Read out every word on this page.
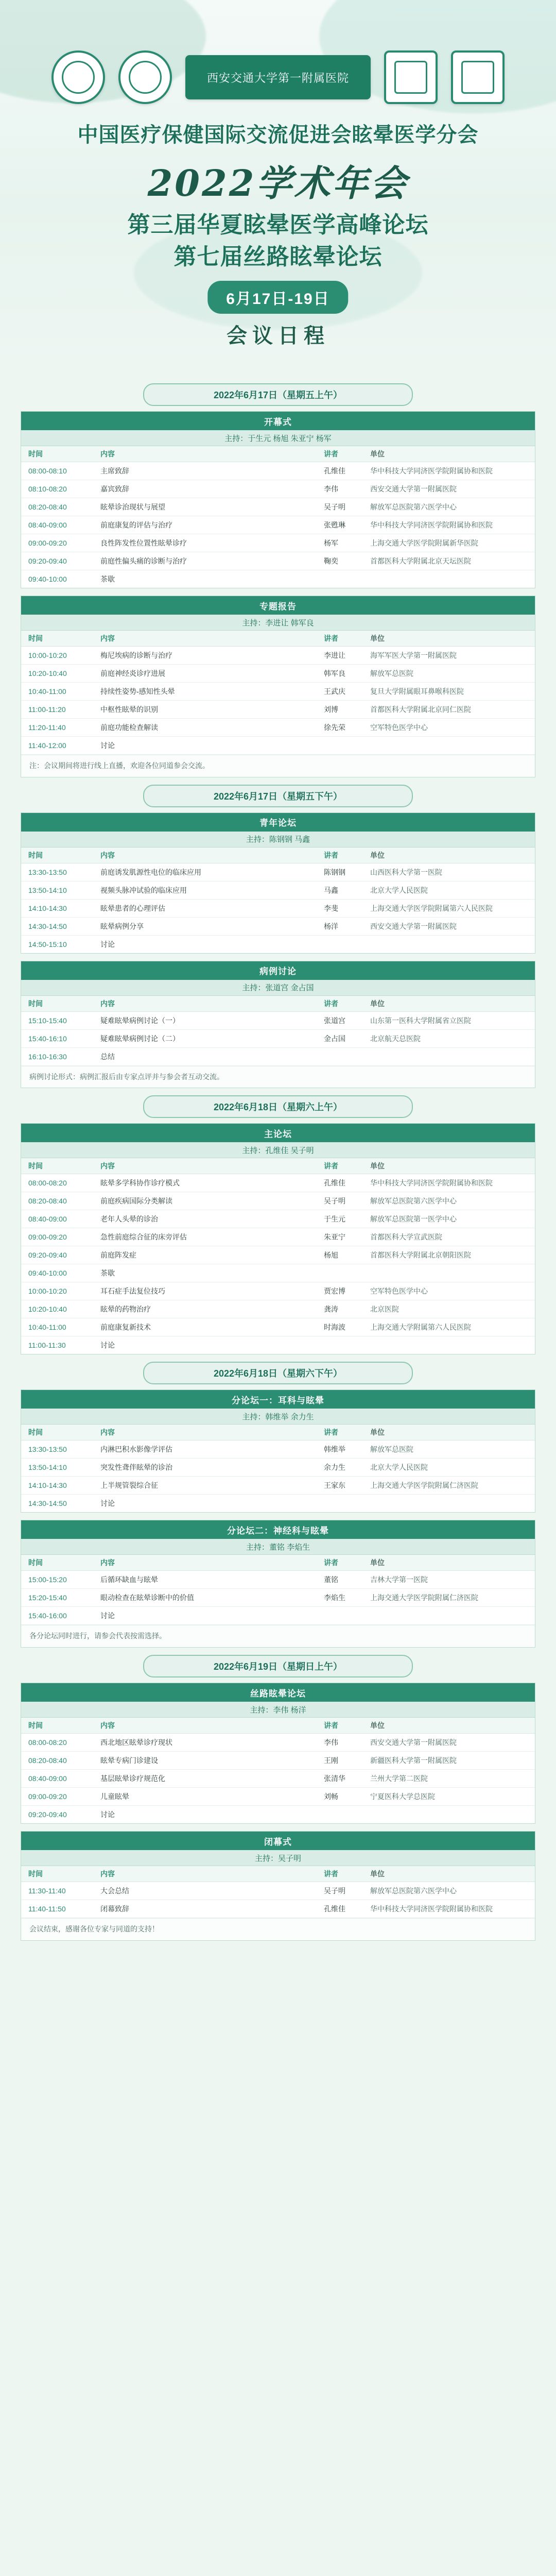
西安交通大学第一附属医院
中国医疗保健国际交流促进会眩晕医学分会
2022学术年会
第三届华夏眩晕医学高峰论坛
第七届丝路眩晕论坛
6月17日-19日
会议日程
2022年6月17日（星期五上午）
开幕式
主持：于生元 杨旭 朱亚宁 杨军
时间	内容	讲者	单位
08:00-08:10	主席致辞	孔维佳	华中科技大学同济医学院附属协和医院
08:10-08:20	嘉宾致辞	李伟	西安交通大学第一附属医院
08:20-08:40	眩晕诊治现状与展望	吴子明	解放军总医院第六医学中心
08:40-09:00	前庭康复的评估与治疗	张甦琳	华中科技大学同济医学院附属协和医院
09:00-09:20	良性阵发性位置性眩晕诊疗	杨军	上海交通大学医学院附属新华医院
09:20-09:40	前庭性偏头痛的诊断与治疗	鞠奕	首都医科大学附属北京天坛医院
09:40-10:00	茶歇
专题报告
主持：李进让 韩军良
时间	内容	讲者	单位
10:00-10:20	梅尼埃病的诊断与治疗	李进让	海军军医大学第一附属医院
10:20-10:40	前庭神经炎诊疗进展	韩军良	解放军总医院
10:40-11:00	持续性姿势-感知性头晕	王武庆	复旦大学附属眼耳鼻喉科医院
11:00-11:20	中枢性眩晕的识别	刘博	首都医科大学附属北京同仁医院
11:20-11:40	前庭功能检查解读	徐先荣	空军特色医学中心
11:40-12:00	讨论
注：会议期间将进行线上直播，欢迎各位同道参会交流。
2022年6月17日（星期五下午）
青年论坛
主持：陈钢钢 马鑫
时间	内容	讲者	单位
13:30-13:50	前庭诱发肌源性电位的临床应用	陈钢钢	山西医科大学第一医院
13:50-14:10	视频头脉冲试验的临床应用	马鑫	北京大学人民医院
14:10-14:30	眩晕患者的心理评估	李斐	上海交通大学医学院附属第六人民医院
14:30-14:50	眩晕病例分享	杨洋	西安交通大学第一附属医院
14:50-15:10	讨论
病例讨论
主持：张道宫 金占国
时间	内容	讲者	单位
15:10-15:40	疑难眩晕病例讨论（一）	张道宫	山东第一医科大学附属省立医院
15:40-16:10	疑难眩晕病例讨论（二）	金占国	北京航天总医院
16:10-16:30	总结
病例讨论形式：病例汇报后由专家点评并与参会者互动交流。
2022年6月18日（星期六上午）
主论坛
主持：孔维佳 吴子明
时间	内容	讲者	单位
08:00-08:20	眩晕多学科协作诊疗模式	孔维佳	华中科技大学同济医学院附属协和医院
08:20-08:40	前庭疾病国际分类解读	吴子明	解放军总医院第六医学中心
08:40-09:00	老年人头晕的诊治	于生元	解放军总医院第一医学中心
09:00-09:20	急性前庭综合征的床旁评估	朱亚宁	首都医科大学宣武医院
09:20-09:40	前庭阵发症	杨旭	首都医科大学附属北京朝阳医院
09:40-10:00	茶歇
10:00-10:20	耳石症手法复位技巧	贾宏博	空军特色医学中心
10:20-10:40	眩晕的药物治疗	龚涛	北京医院
10:40-11:00	前庭康复新技术	时海波	上海交通大学附属第六人民医院
11:00-11:30	讨论
2022年6月18日（星期六下午）
分论坛一：耳科与眩晕
主持：韩维举 余力生
时间	内容	讲者	单位
13:30-13:50	内淋巴积水影像学评估	韩维举	解放军总医院
13:50-14:10	突发性聋伴眩晕的诊治	余力生	北京大学人民医院
14:10-14:30	上半规管裂综合征	王家东	上海交通大学医学院附属仁济医院
14:30-14:50	讨论
分论坛二：神经科与眩晕
主持：董铭 李焰生
时间	内容	讲者	单位
15:00-15:20	后循环缺血与眩晕	董铭	吉林大学第一医院
15:20-15:40	眼动检查在眩晕诊断中的价值	李焰生	上海交通大学医学院附属仁济医院
15:40-16:00	讨论
各分论坛同时进行，请参会代表按需选择。
2022年6月19日（星期日上午）
丝路眩晕论坛
主持：李伟 杨洋
时间	内容	讲者	单位
08:00-08:20	西北地区眩晕诊疗现状	李伟	西安交通大学第一附属医院
08:20-08:40	眩晕专病门诊建设	王刚	新疆医科大学第一附属医院
08:40-09:00	基层眩晕诊疗规范化	张清华	兰州大学第二医院
09:00-09:20	儿童眩晕	刘畅	宁夏医科大学总医院
09:20-09:40	讨论
闭幕式
主持：吴子明
时间	内容	讲者	单位
11:30-11:40	大会总结	吴子明	解放军总医院第六医学中心
11:40-11:50	闭幕致辞	孔维佳	华中科技大学同济医学院附属协和医院
会议结束，感谢各位专家与同道的支持！
